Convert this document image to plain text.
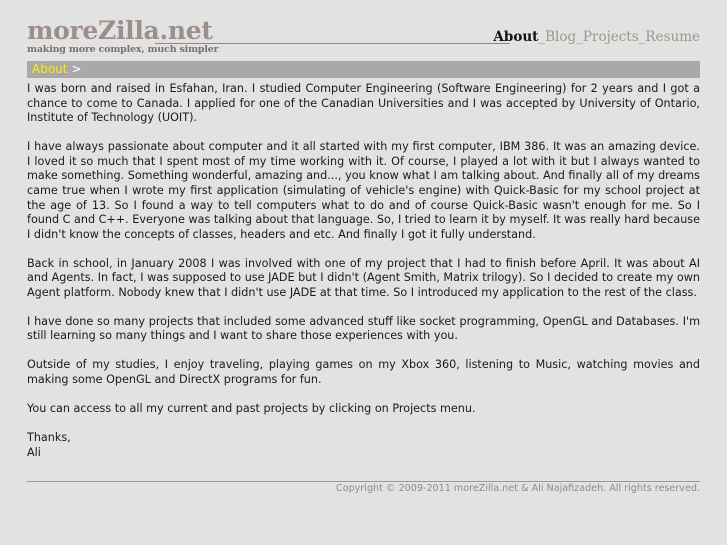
moreZilla.net
making more complex, much simpler
About_Blog_Projects_Resume
About >

I was born and raised in Esfahan, Iran. I studied Computer Engineering (Software Engineering) for 2 years and I got a chance to come to Canada. I applied for one of the Canadian Universities and I was accepted by University of Ontario, Institute of Technology (UOIT).

I have always passionate about computer and it all started with my first computer, IBM 386. It was an amazing device. I loved it so much that I spent most of my time working with it. Of course, I played a lot with it but I always wanted to make something. Something wonderful, amazing and..., you know what I am talking about. And finally all of my dreams came true when I wrote my first application (simulating of vehicle's engine) with Quick-Basic for my school project at the age of 13. So I found a way to tell computers what to do and of course Quick-Basic wasn't enough for me. So I found C and C++. Everyone was talking about that language. So, I tried to learn it by myself. It was really hard because I didn't know the concepts of classes, headers and etc. And finally I got it fully understand.

Back in school, in January 2008 I was involved with one of my project that I had to finish before April. It was about AI and Agents. In fact, I was supposed to use JADE but I didn't (Agent Smith, Matrix trilogy). So I decided to create my own Agent platform. Nobody knew that I didn't use JADE at that time. So I introduced my application to the rest of the class.

I have done so many projects that included some advanced stuff like socket programming, OpenGL and Databases. I'm still learning so many things and I want to share those experiences with you.

Outside of my studies, I enjoy traveling, playing games on my Xbox 360, listening to Music, watching movies and making some OpenGL and DirectX programs for fun.

You can access to all my current and past projects by clicking on Projects menu.

Thanks,

Ali

Copyright © 2009-2011 moreZilla.net & Ali Najafizadeh. All rights reserved.
